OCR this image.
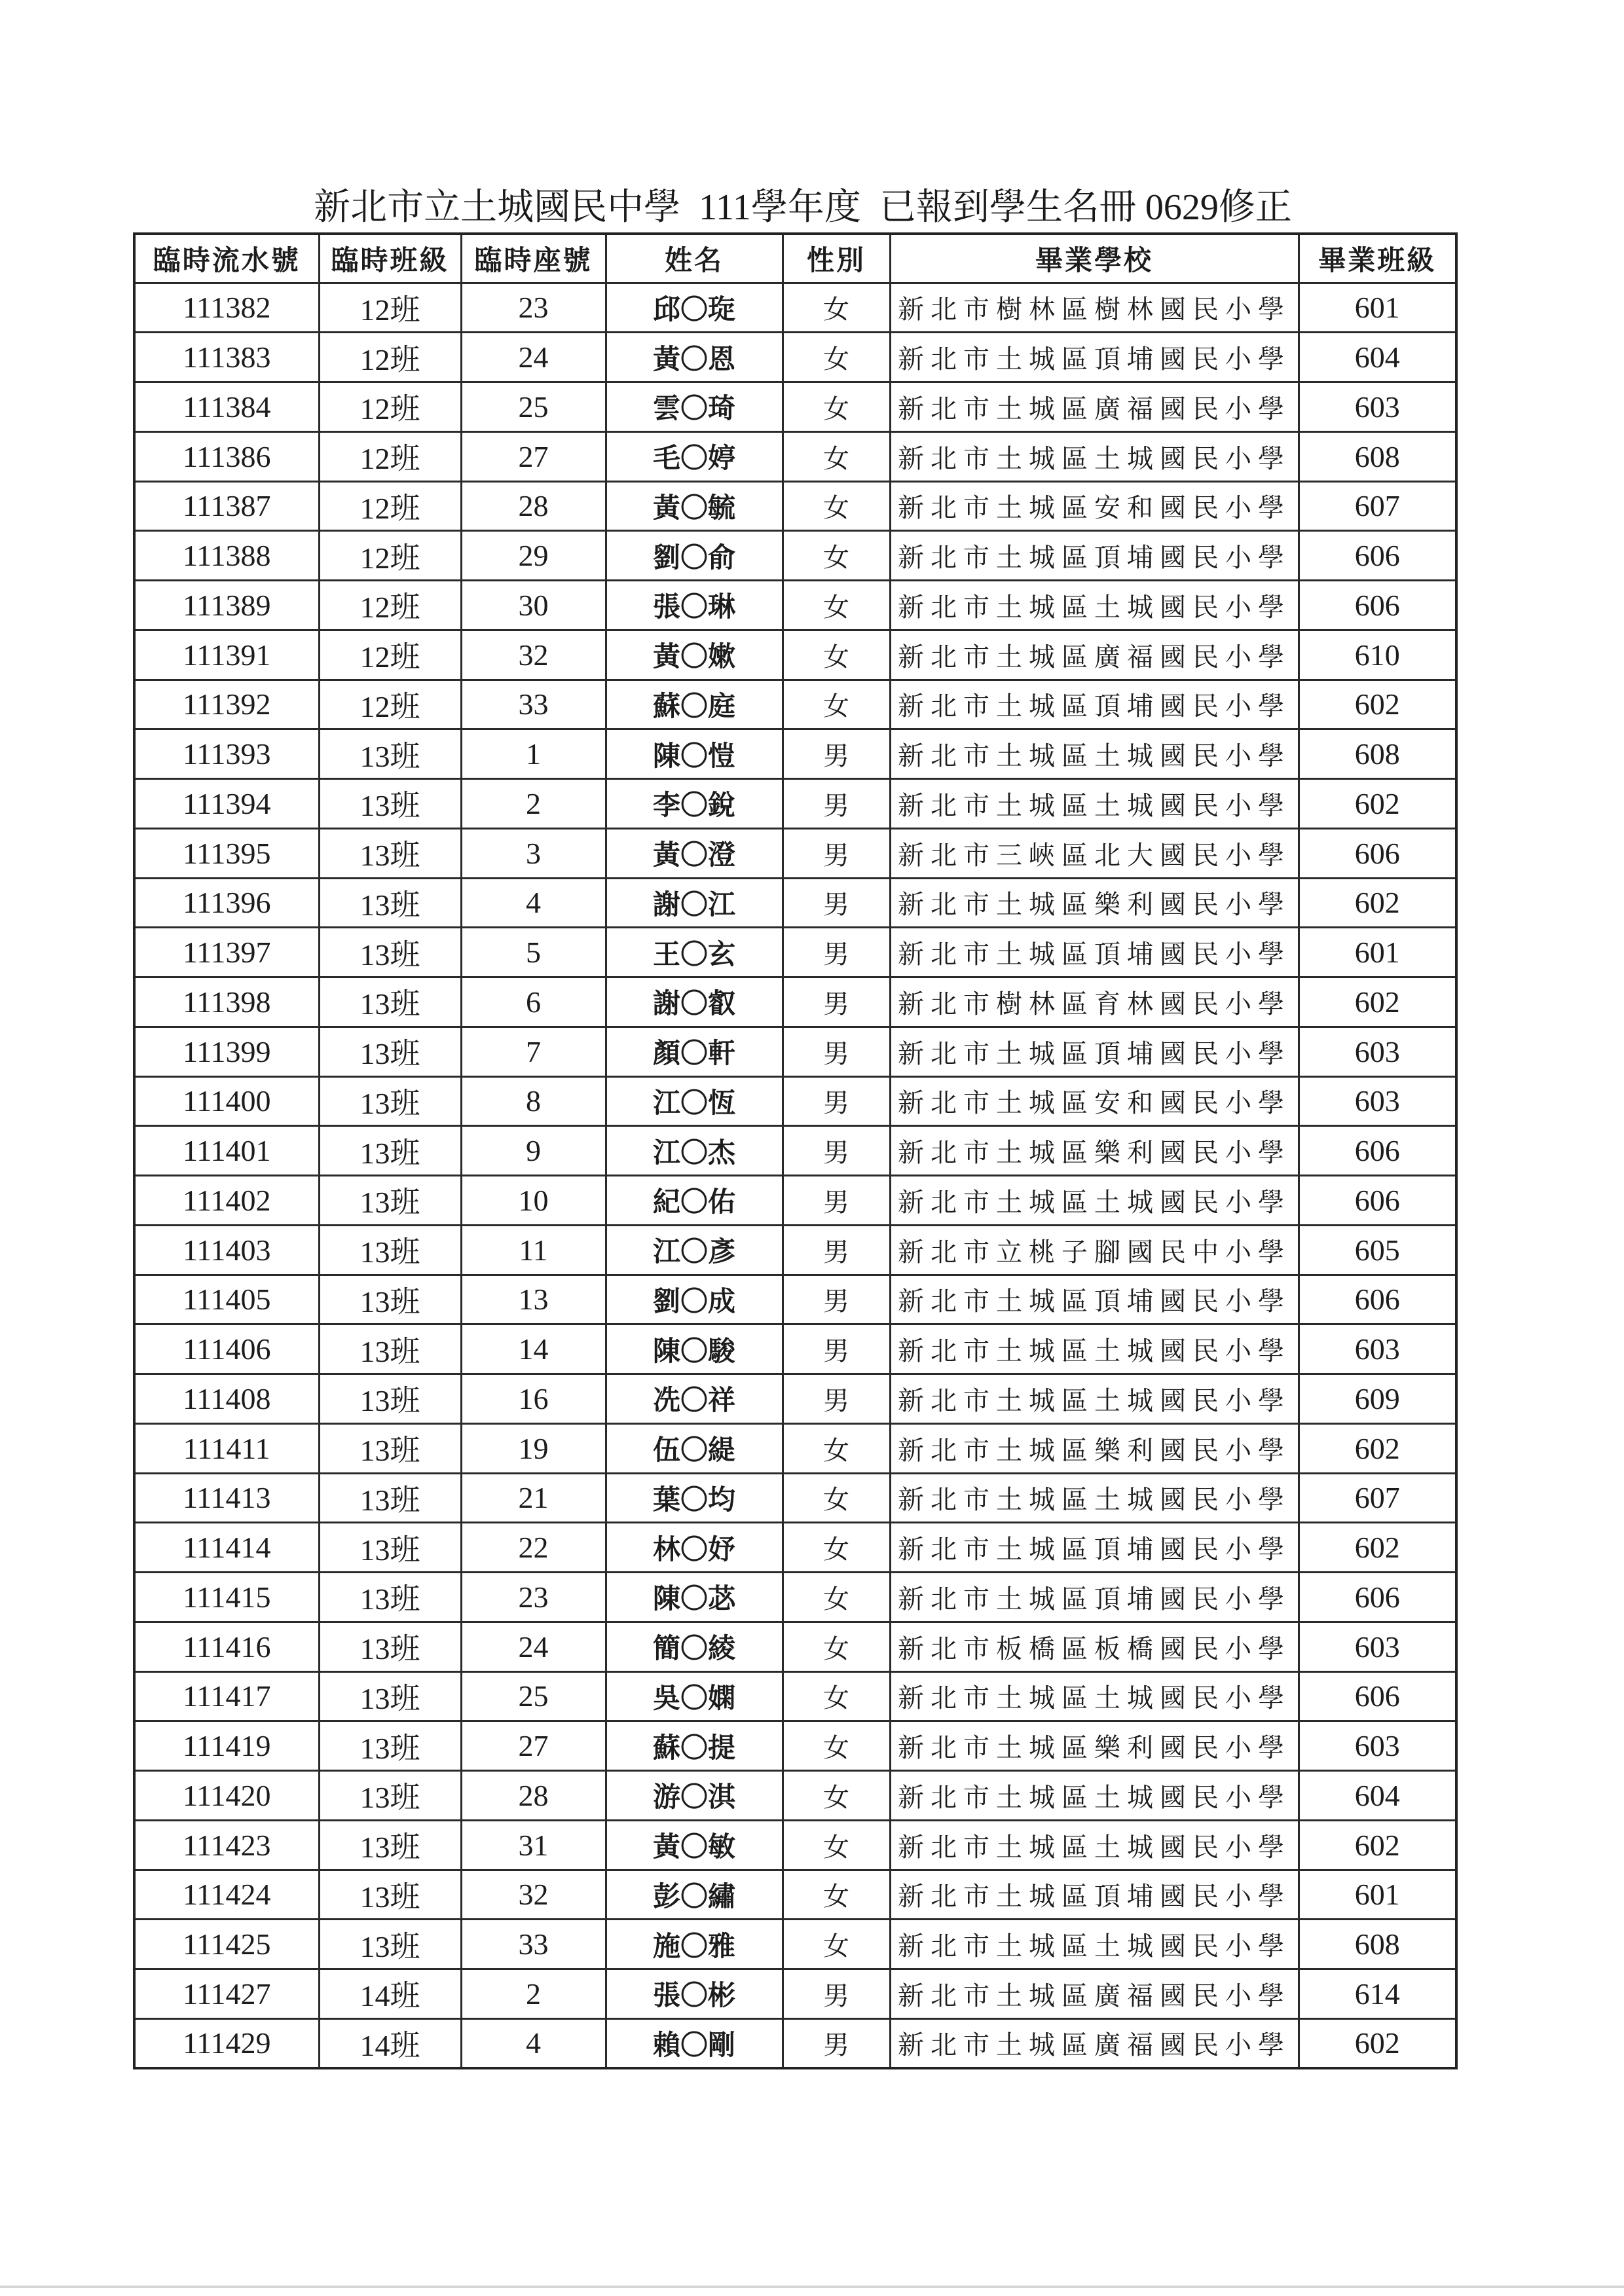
新北市立土城國民中學  111學年度  已報到學生名冊 0629修正
臨時流水號	臨時班級	臨時座號	姓名	性別	畢業學校	畢業班級
111382	12班	23	邱〇琁	女	新北市樹林區樹林國民小學	601
111383	12班	24	黃〇恩	女	新北市土城區頂埔國民小學	604
111384	12班	25	雲〇琦	女	新北市土城區廣福國民小學	603
111386	12班	27	毛〇婷	女	新北市土城區土城國民小學	608
111387	12班	28	黃〇毓	女	新北市土城區安和國民小學	607
111388	12班	29	劉〇俞	女	新北市土城區頂埔國民小學	606
111389	12班	30	張〇琳	女	新北市土城區土城國民小學	606
111391	12班	32	黃〇嫰	女	新北市土城區廣福國民小學	610
111392	12班	33	蘇〇庭	女	新北市土城區頂埔國民小學	602
111393	13班	1	陳〇愷	男	新北市土城區土城國民小學	608
111394	13班	2	李〇銳	男	新北市土城區土城國民小學	602
111395	13班	3	黃〇澄	男	新北市三峽區北大國民小學	606
111396	13班	4	謝〇江	男	新北市土城區樂利國民小學	602
111397	13班	5	王〇玄	男	新北市土城區頂埔國民小學	601
111398	13班	6	謝〇叡	男	新北市樹林區育林國民小學	602
111399	13班	7	顏〇軒	男	新北市土城區頂埔國民小學	603
111400	13班	8	江〇恆	男	新北市土城區安和國民小學	603
111401	13班	9	江〇杰	男	新北市土城區樂利國民小學	606
111402	13班	10	紀〇佑	男	新北市土城區土城國民小學	606
111403	13班	11	江〇彥	男	新北市立桃子腳國民中小學	605
111405	13班	13	劉〇成	男	新北市土城區頂埔國民小學	606
111406	13班	14	陳〇駿	男	新北市土城區土城國民小學	603
111408	13班	16	冼〇祥	男	新北市土城區土城國民小學	609
111411	13班	19	伍〇緹	女	新北市土城區樂利國民小學	602
111413	13班	21	葉〇均	女	新北市土城區土城國民小學	607
111414	13班	22	林〇妤	女	新北市土城區頂埔國民小學	602
111415	13班	23	陳〇苾	女	新北市土城區頂埔國民小學	606
111416	13班	24	簡〇綾	女	新北市板橋區板橋國民小學	603
111417	13班	25	吳〇嫻	女	新北市土城區土城國民小學	606
111419	13班	27	蘇〇提	女	新北市土城區樂利國民小學	603
111420	13班	28	游〇淇	女	新北市土城區土城國民小學	604
111423	13班	31	黃〇敏	女	新北市土城區土城國民小學	602
111424	13班	32	彭〇繡	女	新北市土城區頂埔國民小學	601
111425	13班	33	施〇雅	女	新北市土城區土城國民小學	608
111427	14班	2	張〇彬	男	新北市土城區廣福國民小學	614
111429	14班	4	賴〇剛	男	新北市土城區廣福國民小學	602
